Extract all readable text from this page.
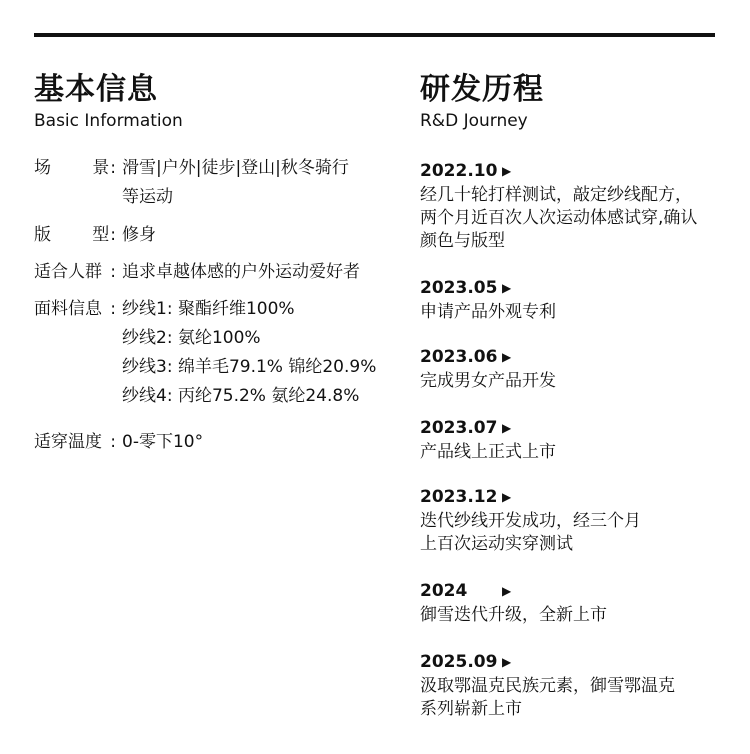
基本信息
Basic Information
场 景 : 滑雪|户外|徒步|登山|秋冬骑行
等运动
版 型 : 修身
适合人群 : 追求卓越体感的户外运动爱好者
面料信息 : 纱线1: 聚酯纤维100%
纱线2: 氨纶100%
纱线3: 绵羊毛79.1% 锦纶20.9%
纱线4: 丙纶75.2% 氨纶24.8%
适穿温度 : 0-零下10°
研发历程
R&D Journey
2022.10 ▶
经几十轮打样测试，敲定纱线配方，
两个月近百次人次运动体感试穿,确认
颜色与版型
2023.05 ▶
申请产品外观专利
2023.06 ▶
完成男女产品开发
2023.07 ▶
产品线上正式上市
2023.12 ▶
迭代纱线开发成功，经三个月
上百次运动实穿测试
2024	▶
御雪迭代升级，全新上市
2025.09 ▶
汲取鄂温克民族元素，御雪鄂温克
系列崭新上市
